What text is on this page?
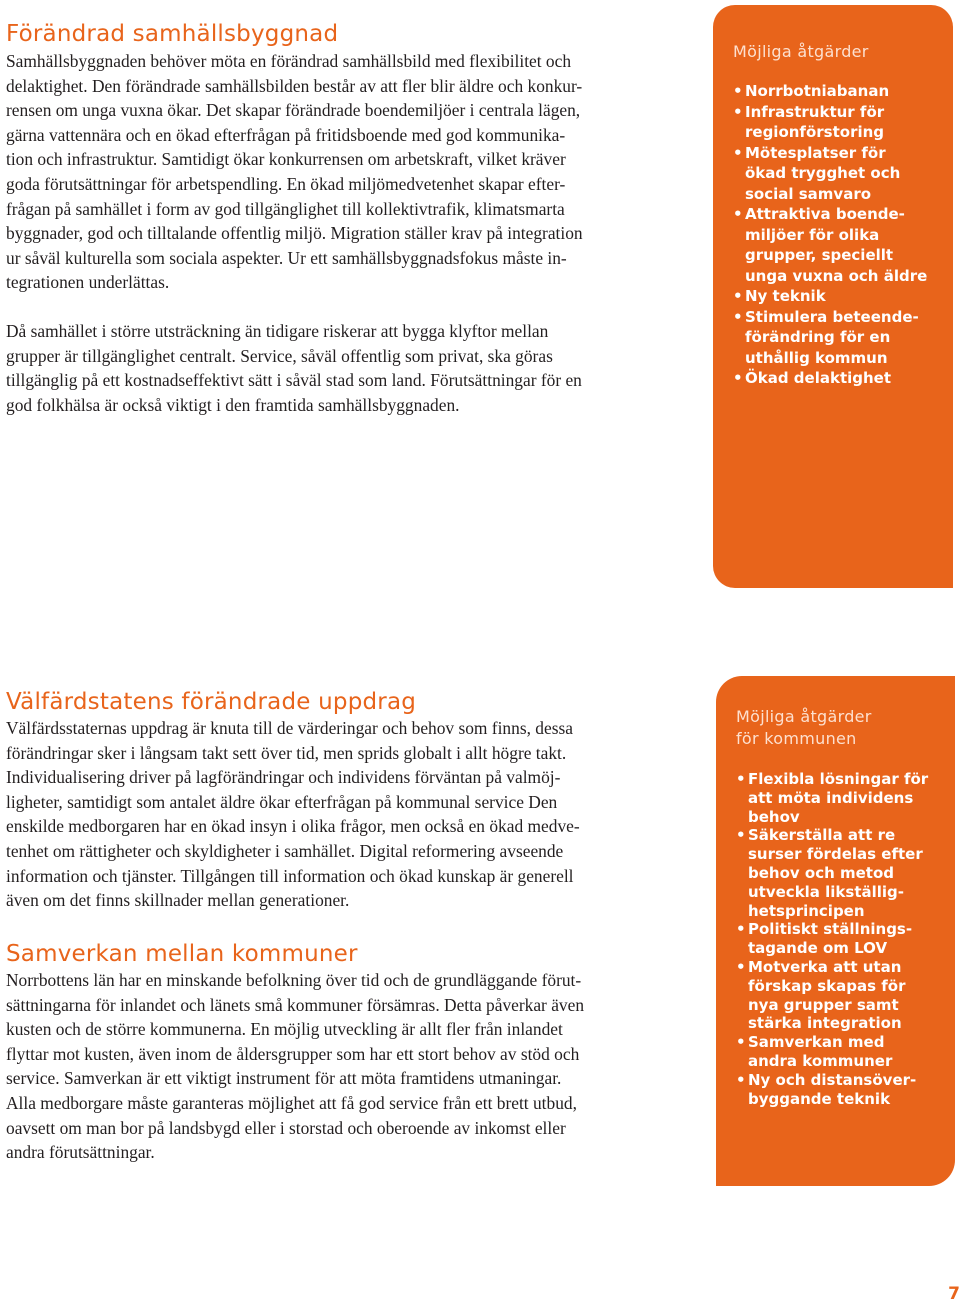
Förändrad samhällsbyggnad

Samhällsbyggnaden behöver möta en förändrad samhällsbild med flexibilitet och
delaktighet. Den förändrade samhällsbilden består av att fler blir äldre och konkur-
rensen om unga vuxna ökar. Det skapar förändrade boendemiljöer i centrala lägen,
gärna vattennära och en ökad efterfrågan på fritidsboende med god kommunika-
tion och infrastruktur. Samtidigt ökar konkurrensen om arbetskraft, vilket kräver
goda förutsättningar för arbetspendling. En ökad miljömedvetenhet skapar efter-
frågan på samhället i form av god tillgänglighet till kollektivtrafik, klimatsmarta
byggnader, god och tilltalande offentlig miljö. Migration ställer krav på integration
ur såväl kulturella som sociala aspekter. Ur ett samhällsbyggnadsfokus måste in-
tegrationen underlättas.

Då samhället i större utsträckning än tidigare riskerar att bygga klyftor mellan
grupper är tillgänglighet centralt. Service, såväl offentlig som privat, ska göras
tillgänglig på ett kostnadseffektivt sätt i såväl stad som land. Förutsättningar för en
god folkhälsa är också viktigt i den framtida samhällsbyggnaden.

Möjliga åtgärder
• Norrbotniabanan
• Infrastruktur för
regionförstoring
• Mötesplatser för
ökad trygghet och
social samvaro
• Attraktiva boende-
miljöer för olika
grupper, speciellt
unga vuxna och äldre
• Ny teknik
• Stimulera beteende-
förändring för en
uthållig kommun
• Ökad delaktighet
Välfärdstatens förändrade uppdrag

Välfärdsstaternas uppdrag är knuta till de värderingar och behov som finns, dessa
förändringar sker i långsam takt sett över tid, men sprids globalt i allt högre takt.
Individualisering driver på lagförändringar och individens förväntan på valmöj-
ligheter, samtidigt som antalet äldre ökar efterfrågan på kommunal service Den
enskilde medborgaren har en ökad insyn i olika frågor, men också en ökad medve-
tenhet om rättigheter och skyldigheter i samhället. Digital reformering avseende
information och tjänster. Tillgången till information och ökad kunskap är generell
även om det finns skillnader mellan generationer.

Samverkan mellan kommuner

Norrbottens län har en minskande befolkning över tid och de grundläggande förut-
sättningarna för inlandet och länets små kommuner försämras. Detta påverkar även
kusten och de större kommunerna. En möjlig utveckling är allt fler från inlandet
flyttar mot kusten, även inom de åldersgrupper som har ett stort behov av stöd och
service. Samverkan är ett viktigt instrument för att möta framtidens utmaningar.
Alla medborgare måste garanteras möjlighet att få god service från ett brett utbud,
oavsett om man bor på landsbygd eller i storstad och oberoende av inkomst eller
andra förutsättningar.

Möjliga åtgärder
för kommunen
• Flexibla lösningar för
att möta individens
behov
• Säkerställa att re
surser fördelas efter
behov och metod
utveckla likställig-
hetsprincipen
• Politiskt ställnings-
tagande om LOV
• Motverka att utan
förskap skapas för
nya grupper samt
stärka integration
• Samverkan med
andra kommuner
• Ny och distansöver-
byggande teknik
7
